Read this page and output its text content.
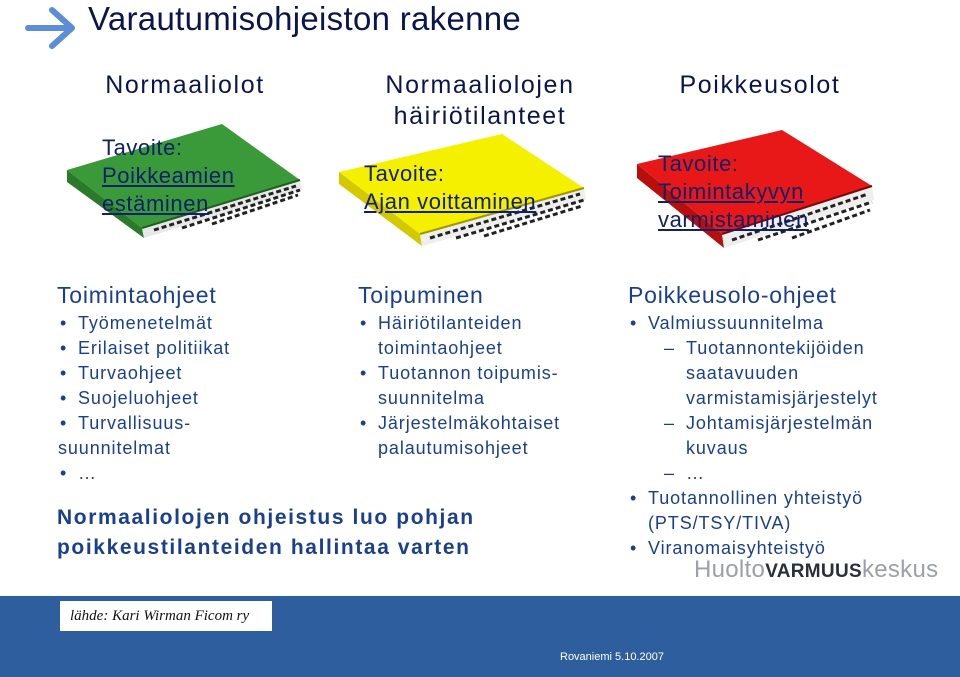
Varautumisohjeiston rakenne
Normaaliolot	Normaaliolojen
häiriötilanteet
Poikkeusolot
Tavoite:
Poikkeamien
estäminen
Tavoite:
Ajan voittaminen
Tavoite:
Toimintakyvyn
varmistaminen
Toimintaohjeet
• Työmenetelmät
• Erilaiset politiikat
• Turvaohjeet
• Suojeluohjeet
• Turvallisuus-
suunnitelmat
• …
Toipuminen
• Häiriötilanteiden
toimintaohjeet
• Tuotannon toipumis-
suunnitelma
• Järjestelmäkohtaiset
palautumisohjeet
Poikkeusolo-ohjeet
• Valmiussuunnitelma
– Tuotannontekijöiden
saatavuuden
varmistamisjärjestelyt
– Johtamisjärjestelmän
kuvaus
– …
• Tuotannollinen yhteistyö
(PTS/TSY/TIVA)
• Viranomaisyhteistyö
Normaaliolojen ohjeistus luo pohjan
poikkeustilanteiden hallintaa varten
HuoltoVARMUUSkeskus
lähde: Kari Wirman Ficom ry
Rovaniemi 5.10.2007
